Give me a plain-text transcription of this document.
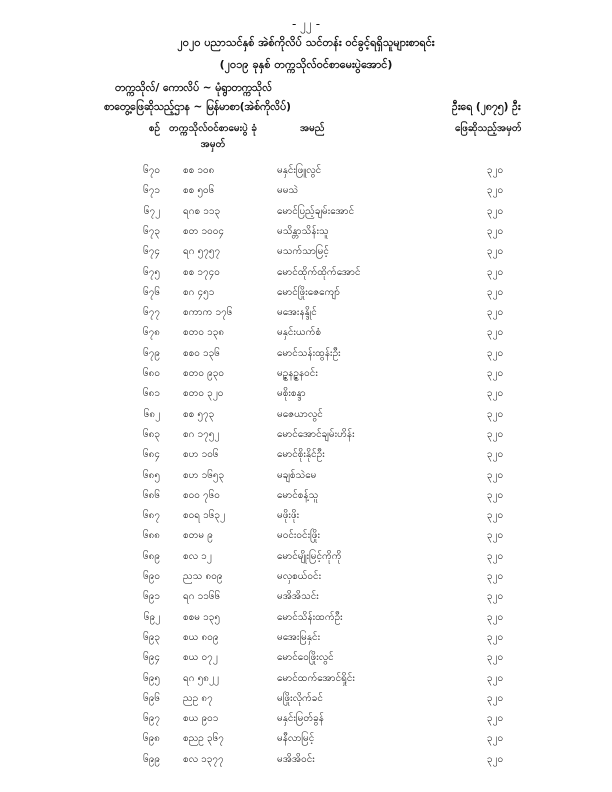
- ၂၂ -
၂၀၂၀ ပညာသင်နှစ် အဲစ်ကိုလိပ် သင်တန်း ဝင်ခွင့်ရရှိသူများစာရင်း
(၂၀၁၉ ခုနှစ် တက္ကသိုလ်ဝင်စာမေးပွဲအောင်)
တက္ကသိုလ်/ ကောလိပ် ~ မုံရွာတက္ကသိုလ်
စာတွေ့ဖြေဆိုသည့်ဌာန ~ မြန်မာစာ(အဲစ်ကိုလိပ်)	ဦးရေ (၂၈၇၅) ဦး
စဉ် တက္ကသိုလ်ဝင်စာမေးပွဲ ခုံအမှတ်
အမည်	ဖြေဆိုသည့်အမှတ်
၆၇၀ စစ ၁၀၈	မနှင်းဖြူလွင်	၃၂၀
၆၇၁ စစ ၅၀၆	မမသဲ	၃၂၀
၆၇၂ ရဂစ ၁၁၃	မောင်ပြည့်ချမ်းအောင်	၃၂၀
၆၇၃ စတ ၁၀၀၄	မသိန္တာသိန်းသူ	၃၂၀
၆၇၄ ရဂ ၅၇၅၇	မသက်သာမြင့်	၃၂၀
၆၇၅ စစ ၁၇၄၀	မောင်ထိုက်ထိုက်အောင်	၃၂၀
၆၇၆ စဂ ၄၅၁	မောင်ဖြိုးဇေကျော်	၃၂၀
၆၇၇ စကာက ၁၇၆	မအေးနန္ဒိုင်	၃၂၀
၆၇၈ စတဝ ၁၃၈	မနှင်းယက်စံ	၃၂၀
၆၇၉ စစ၀ ၁၃၆	မောင်သန်းထွန်းဦး	၃၂၀
၆၈၀ စတဝ ၉၃၀	မဥ္ဇနဥ္ဇနဝင်း	၃၂၀
၆၈၁ စတ၀ ၃၂၀	မစိုးစန္ဒာ	၃၂၀
၆၈၂ စစ ၅၇၃	မဇေယာလွင်	၃၂၀
၆၈၃ စဂ ၁၇၅၂	မောင်အောင်ချမ်းဟိန်း	၃၂၀
၆၈၄ စဟ ၁၀၆	မောင်စိုးနိုင်ဦး	၃၂၀
၆၈၅ စဟ ၁၆၅၃	မချစ်သဲမေ	၃၂၀
၆၈၆ စ၀၀ ၇၆၀	မောင်စန့်သူ	၃၂၀
၆၈၇ စ၀ရ ၁၆၃၂	မဖိုးဖိုး	၃၂၀
၆၈၈ စတမ ၉	မဝင်းဝင်းဖြိုး	၃၂၀
၆၈၉ စလ ၁၂	မောင်မျိုးမြင့်ကိုကို	၃၂၀
၆၉၀ ညသ ၈၀၉	မလှစယ်ဝင်း	၃၂၀
၆၉၁ ရဂ ၁၁၆၆	မအိအိသင်း	၃၂၀
၆၉၂ စစမ ၁၃၅	မောင်သိန်းထက်ဦး	၃၂၀
၆၉၃ စယ ၈၀၉	မအေးမြနှင်း	၃၂၀
၆၉၄ စယ ၀၇၂	မောင်ဝေဖြိုးလွင်	၃၂၀
၆၉၅ ရဂ ၅၈၂၂	မောင်ထက်အောင်ရှိုင်း	၃၂၀
၆၉၆ ညဥ ၈၇	မဖြိုးလိုက်ခင်	၃၂၀
၆၉၇ စယ ၉၀၁	မနှင်းမြတ်ခွန်	၃၂၀
၆၉၈ စညဥ ၃၆၇	မနီလာမြင့်	၃၂၀
၆၉၉ စလ ၁၃၇၇	မအိအိဝင်း	၃၂၀
